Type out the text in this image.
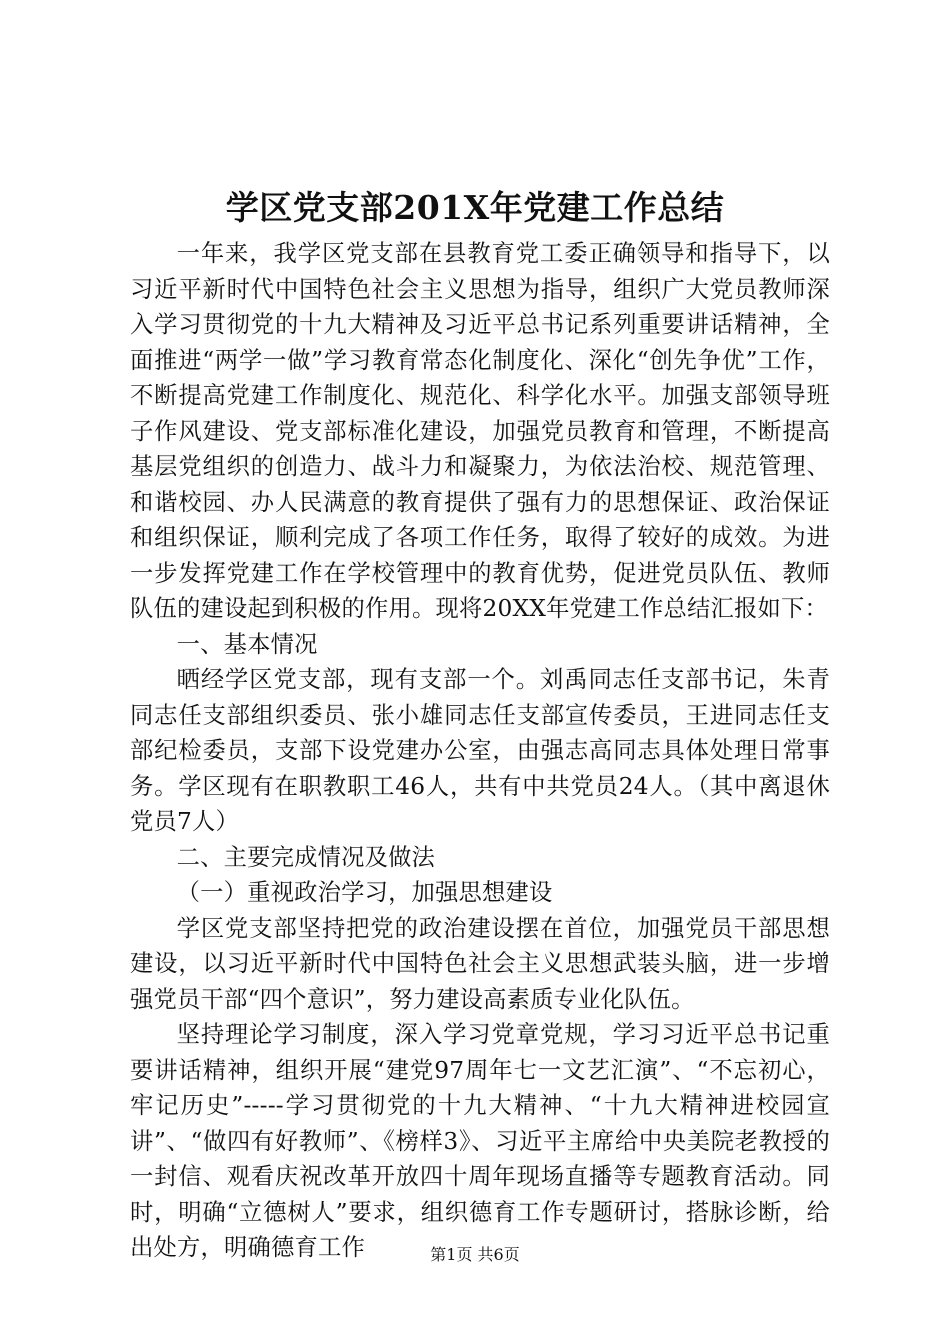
学区党支部201X年党建工作总结

一年来，我学区党支部在县教育党工委正确领导和指导下，以习近平新时代中国特色社会主义思想为指导，组织广大党员教师深入学习贯彻党的十九大精神及习近平总书记系列重要讲话精神，全面推进“两学一做”学习教育常态化制度化、深化“创先争优”工作，不断提高党建工作制度化、规范化、科学化水平。加强支部领导班子作风建设、党支部标准化建设，加强党员教育和管理，不断提高基层党组织的创造力、战斗力和凝聚力，为依法治校、规范管理、和谐校园、办人民满意的教育提供了强有力的思想保证、政治保证和组织保证，顺利完成了各项工作任务，取得了较好的成效。为进一步发挥党建工作在学校管理中的教育优势，促进党员队伍、教师队伍的建设起到积极的作用。现将20XX年党建工作总结汇报如下：

一、基本情况

晒经学区党支部，现有支部一个。刘禹同志任支部书记，朱青同志任支部组织委员、张小雄同志任支部宣传委员，王进同志任支部纪检委员，支部下设党建办公室，由强志高同志具体处理日常事务。学区现有在职教职工46人，共有中共党员24人。（其中离退休党员7人）

二、主要完成情况及做法

（一）重视政治学习，加强思想建设

学区党支部坚持把党的政治建设摆在首位，加强党员干部思想建设，以习近平新时代中国特色社会主义思想武装头脑，进一步增强党员干部“四个意识”，努力建设高素质专业化队伍。

坚持理论学习制度，深入学习党章党规，学习习近平总书记重要讲话精神，组织开展“建党97周年七一文艺汇演”、“不忘初心，牢记历史”-----学习贯彻党的十九大精神、“十九大精神进校园宣讲”、“做四有好教师”、《榜样3》、习近平主席给中央美院老教授的一封信、观看庆祝改革开放四十周年现场直播等专题教育活动。同时，明确“立德树人”要求，组织德育工作专题研讨，搭脉诊断，给出处方，明确德育工作	第1页 共6页
